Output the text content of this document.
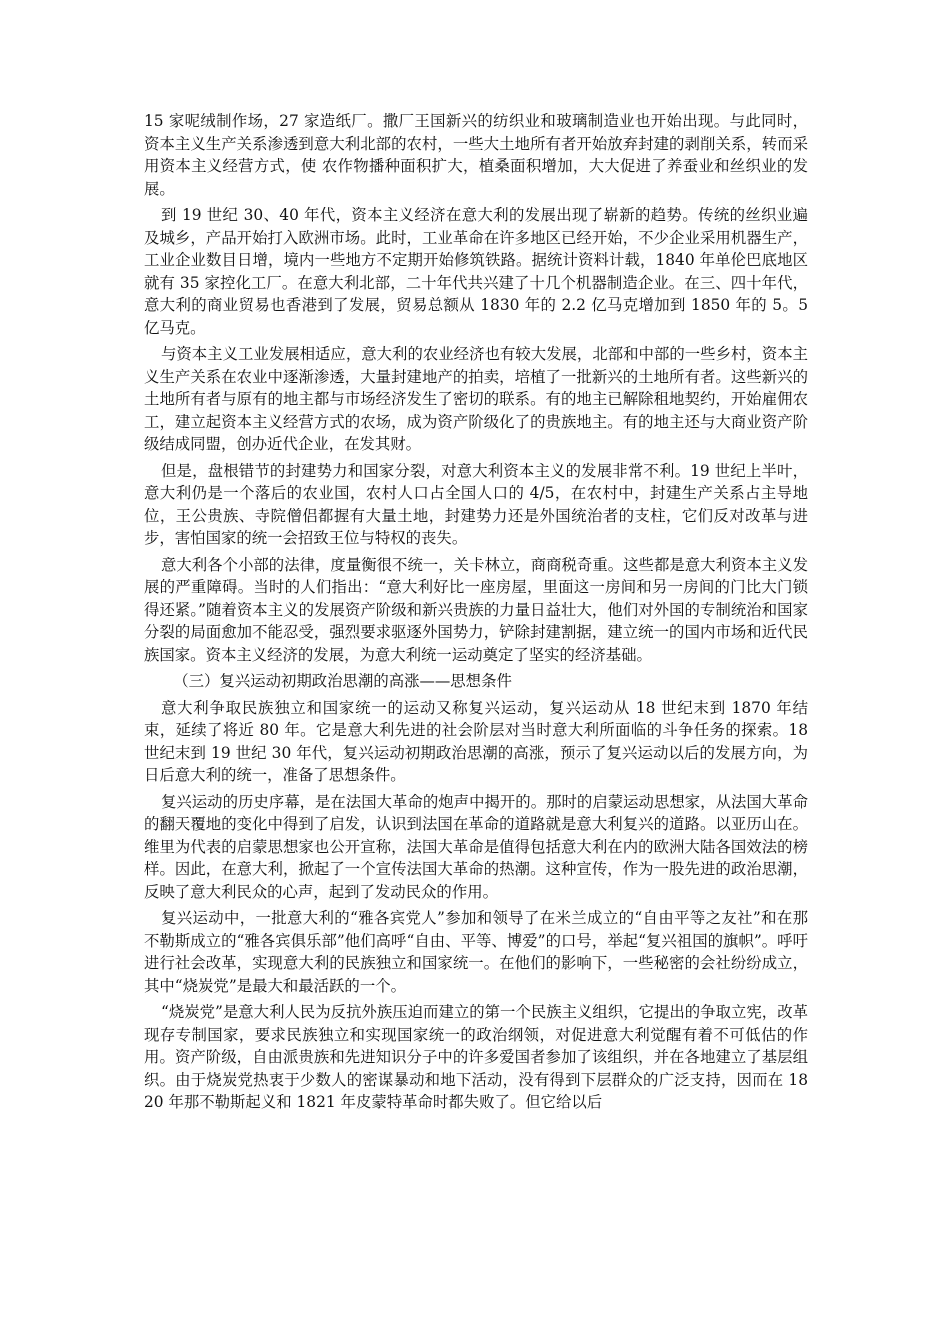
15 家呢绒制作场，27 家造纸厂。撒厂王国新兴的纺织业和玻璃制造业也开始出现。与此同时，资本主义生产关系渗透到意大利北部的农村，一些大土地所有者开始放弃封建的剥削关系，转而采用资本主义经营方式，使 农作物播种面积扩大，植桑面积增加，大大促进了养蚕业和丝织业的发展。

到 19 世纪 30、40 年代，资本主义经济在意大利的发展出现了崭新的趋势。传统的丝织业遍及城乡，产品开始打入欧洲市场。此时，工业革命在许多地区已经开始，不少企业采用机器生产，工业企业数目日增，境内一些地方不定期开始修筑铁路。据统计资料计载，1840 年单伦巴底地区就有 35 家控化工厂。在意大利北部，二十年代共兴建了十几个机器制造企业。在三、四十年代，意大利的商业贸易也香港到了发展，贸易总额从 1830 年的 2.2 亿马克增加到 1850 年的 5。5 亿马克。

与资本主义工业发展相适应，意大利的农业经济也有较大发展，北部和中部的一些乡村，资本主义生产关系在农业中逐渐渗透，大量封建地产的拍卖，培植了一批新兴的土地所有者。这些新兴的土地所有者与原有的地主都与市场经济发生了密切的联系。有的地主已解除租地契约，开始雇佣农工，建立起资本主义经营方式的农场，成为资产阶级化了的贵族地主。有的地主还与大商业资产阶级结成同盟，创办近代企业，在发其财。

但是，盘根错节的封建势力和国家分裂，对意大利资本主义的发展非常不利。19 世纪上半叶，意大利仍是一个落后的农业国，农村人口占全国人口的 4/5，在农村中，封建生产关系占主导地位，王公贵族、寺院僧侣都握有大量土地，封建势力还是外国统治者的支柱，它们反对改革与进步，害怕国家的统一会招致王位与特权的丧失。

意大利各个小部的法律，度量衡很不统一，关卡林立，商商税奇重。这些都是意大利资本主义发展的严重障碍。当时的人们指出：“意大利好比一座房屋，里面这一房间和另一房间的门比大门锁得还紧。”随着资本主义的发展资产阶级和新兴贵族的力量日益壮大，他们对外国的专制统治和国家分裂的局面愈加不能忍受，强烈要求驱逐外国势力，铲除封建割据，建立统一的国内市场和近代民族国家。资本主义经济的发展，为意大利统一运动奠定了坚实的经济基础。

（三）复兴运动初期政治思潮的高涨——思想条件

意大利争取民族独立和国家统一的运动又称复兴运动，复兴运动从 18 世纪末到 1870 年结束，延续了将近 80 年。它是意大利先进的社会阶层对当时意大利所面临的斗争任务的探索。18 世纪末到 19 世纪 30 年代，复兴运动初期政治思潮的高涨，预示了复兴运动以后的发展方向，为日后意大利的统一，准备了思想条件。

复兴运动的历史序幕，是在法国大革命的炮声中揭开的。那时的启蒙运动思想家，从法国大革命的翻天覆地的变化中得到了启发，认识到法国在革命的道路就是意大利复兴的道路。以亚历山在。维里为代表的启蒙思想家也公开宣称，法国大革命是值得包括意大利在内的欧洲大陆各国效法的榜样。因此，在意大利，掀起了一个宣传法国大革命的热潮。这种宣传，作为一股先进的政治思潮，反映了意大利民众的心声，起到了发动民众的作用。

复兴运动中，一批意大利的“雅各宾党人”参加和领导了在米兰成立的“自由平等之友社”和在那不勒斯成立的“雅各宾俱乐部”他们高呼“自由、平等、博爱”的口号，举起“复兴祖国的旗帜”。呼吁进行社会改革，实现意大利的民族独立和国家统一。在他们的影响下，一些秘密的会社纷纷成立，其中“烧炭党”是最大和最活跃的一个。

“烧炭党”是意大利人民为反抗外族压迫而建立的第一个民族主义组织，它提出的争取立宪，改革现存专制国家，要求民族独立和实现国家统一的政治纲领，对促进意大利觉醒有着不可低估的作用。资产阶级，自由派贵族和先进知识分子中的许多爱国者参加了该组织，并在各地建立了基层组织。由于烧炭党热衷于少数人的密谋暴动和地下活动，没有得到下层群众的广泛支持，因而在 1820 年那不勒斯起义和 1821 年皮蒙特革命时都失败了。但它给以后
